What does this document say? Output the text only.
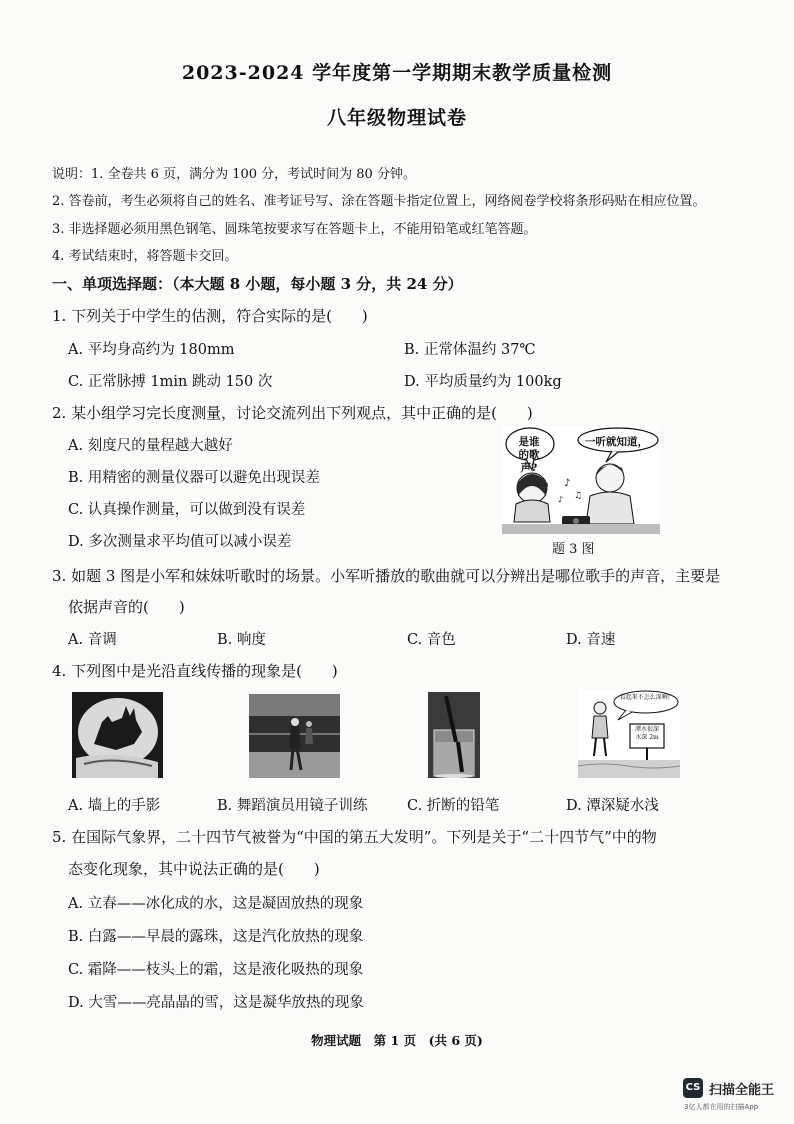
2023-2024 学年度第一学期期末教学质量检测
八年级物理试卷
说明：1. 全卷共 6 页，满分为 100 分，考试时间为 80 分钟。
2. 答卷前，考生必须将自己的姓名、准考证号写、涂在答题卡指定位置上，网络阅卷学校将条形码贴在相应位置。
3. 非选择题必须用黑色钢笔、圆珠笔按要求写在答题卡上，不能用铅笔或红笔答题。
4. 考试结束时，将答题卡交回。
一、单项选择题：（本大题 8 小题，每小题 3 分，共 24 分）
1. 下列关于中学生的估测，符合实际的是(　　)
A. 平均身高约为 180mm	B. 正常体温约 37℃
C. 正常脉搏 1min 跳动 150 次	D. 平均质量约为 100kg
2. 某小组学习完长度测量，讨论交流列出下列观点，其中正确的是(　　)
A. 刻度尺的量程越大越好
B. 用精密的测量仪器可以避免出现误差
C. 认真操作测量，可以做到没有误差
D. 多次测量求平均值可以减小误差
♪
♫
♪
是谁的歌声?
一听就知道，
题 3 图
3. 如题 3 图是小军和妹妹听歌时的场景。小军听播放的歌曲就可以分辨出是哪位歌手的声音，主要是
依据声音的(　　)
A. 音调	B. 响度	C. 音色	D. 音速
4. 下列图中是光沿直线传播的现象是(　　)
看起来不怎么深啊!
潭水很深 水深 2m
A. 墙上的手影	B. 舞蹈演员用镜子训练	C. 折断的铅笔	D. 潭深疑水浅
5. 在国际气象界，二十四节气被誉为“中国的第五大发明”。下列是关于“二十四节气”中的物
态变化现象，其中说法正确的是(　　)
A. 立春——冰化成的水，这是凝固放热的现象
B. 白露——早晨的露珠，这是汽化放热的现象
C. 霜降——枝头上的霜，这是液化吸热的现象
D. 大雪——亮晶晶的雪，这是凝华放热的现象
物理试题　第 1 页　(共 6 页)
CS 扫描全能王
3亿人都在用的扫描App
